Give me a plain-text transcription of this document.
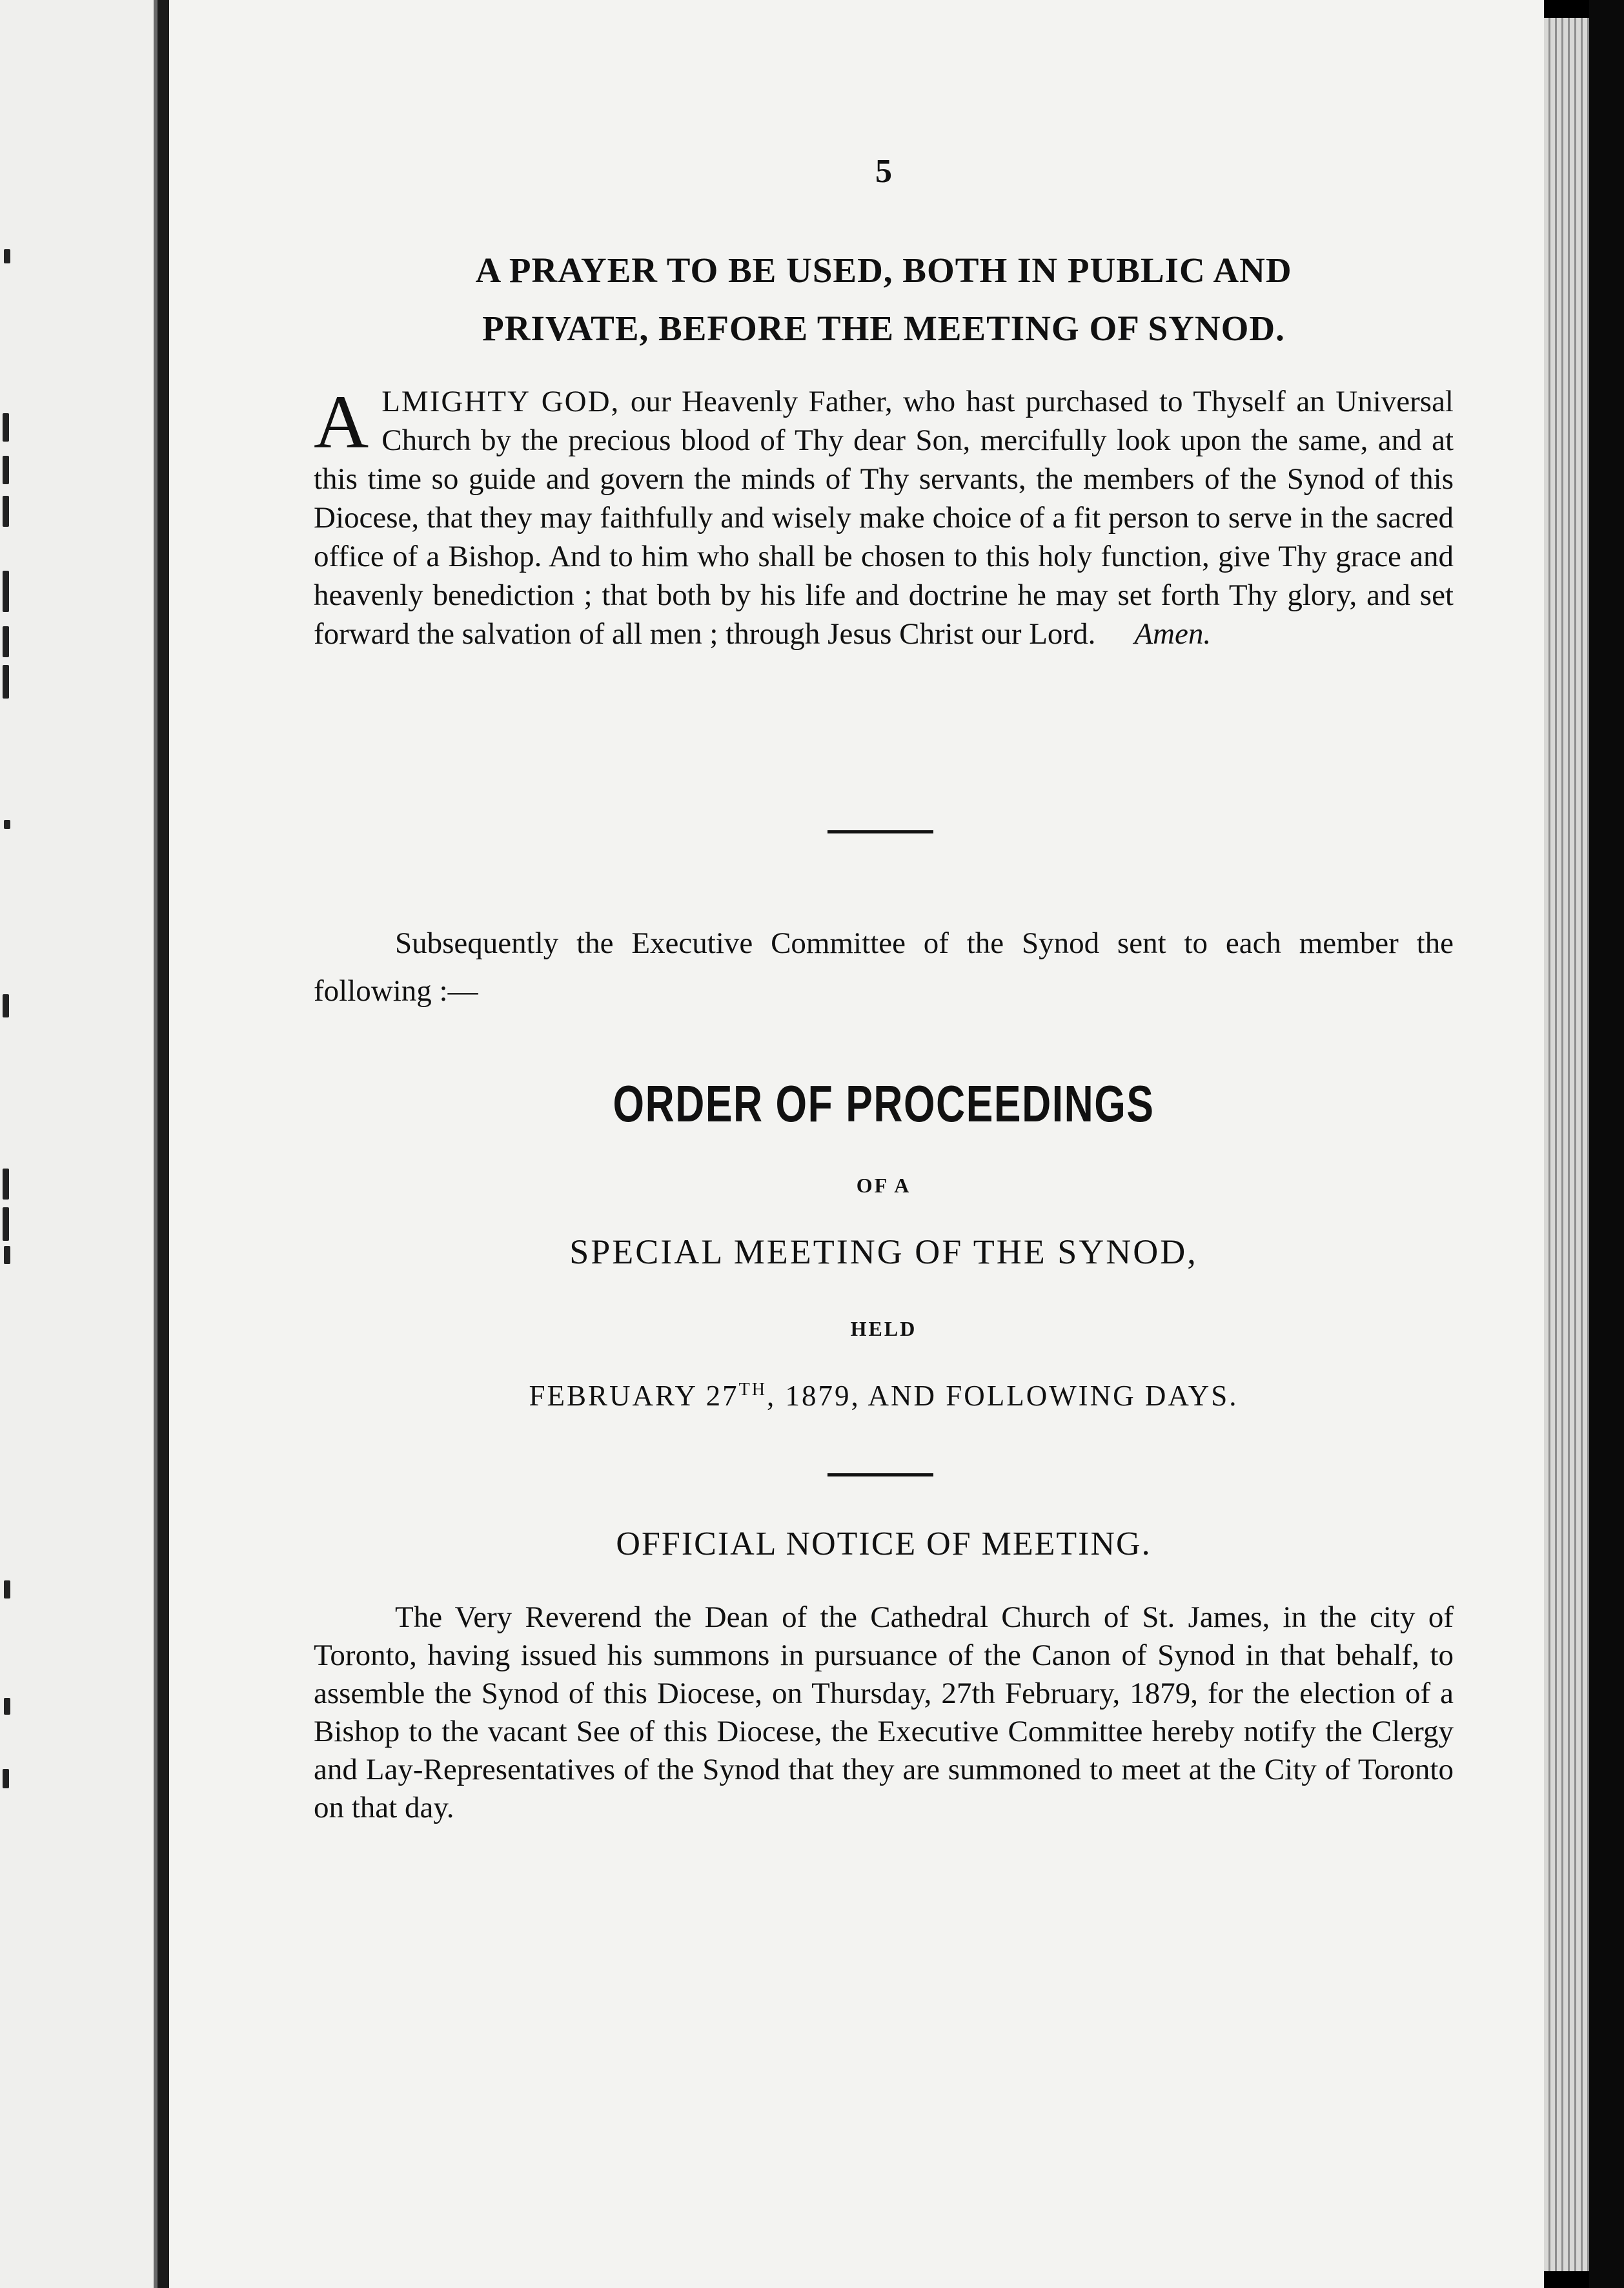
5
A PRAYER TO BE USED, BOTH IN PUBLIC AND
PRIVATE, BEFORE THE MEETING OF SYNOD.
ALMIGHTY GOD, our Heavenly Father, who hast purchased to Thyself an Universal Church by the precious blood of Thy dear Son, mercifully look upon the same, and at this time so guide and govern the minds of Thy servants, the members of the Synod of this Diocese, that they may faithfully and wisely make choice of a fit person to serve in the sacred office of a Bishop. And to him who shall be chosen to this holy function, give Thy grace and heavenly benediction ; that both by his life and doctrine he may set forth Thy glory, and set forward the salvation of all men ; through Jesus Christ our Lord. Amen.
Subsequently the Executive Committee of the Synod sent to each member the following :—
ORDER OF PROCEEDINGS
OF A
SPECIAL MEETING OF THE SYNOD,
HELD
FEBRUARY 27TH, 1879, AND FOLLOWING DAYS.
OFFICIAL NOTICE OF MEETING.
The Very Reverend the Dean of the Cathedral Church of St. James, in the city of Toronto, having issued his summons in pursuance of the Canon of Synod in that behalf, to assemble the Synod of this Diocese, on Thursday, 27th February, 1879, for the election of a Bishop to the vacant See of this Diocese, the Executive Committee hereby notify the Clergy and Lay-Representatives of the Synod that they are summoned to meet at the City of Toronto on that day.
